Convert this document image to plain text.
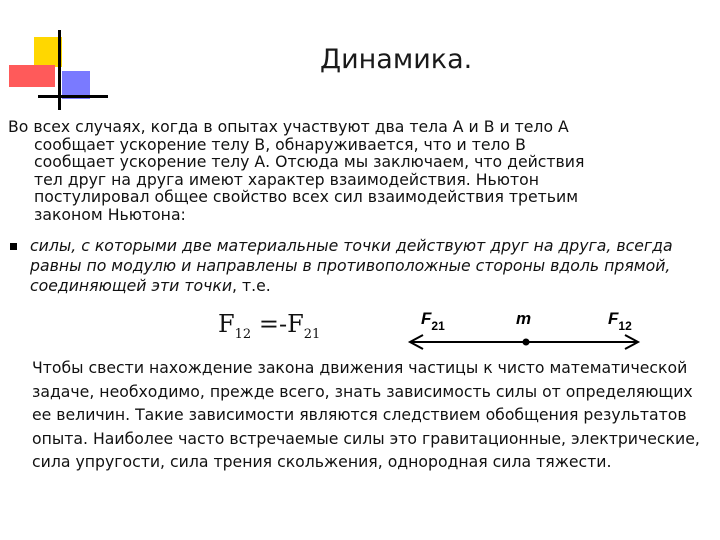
Динамика.
Во всех случаях, когда в опытах участвуют два тела А и В и тело А
сообщает ускорение телу В, обнаруживается, что и тело В
сообщает ускорение телу А. Отсюда мы заключаем, что действия
тел друг на друга имеют характер взаимодействия. Ньютон
постулировал общее свойство всех сил взаимодействия третьим
законом Ньютона:
силы, с которыми две материальные точки действуют друг на друга, всегда равны по модулю и направлены в противоположные стороны вдоль прямой, соединяющей эти точки, т.е.
$F_{12} =-F_{21}$
$F_{21}$	m	$F_{12}$

Чтобы свести нахождение закона движения частицы к чисто математической задаче, необходимо, прежде всего, знать зависимость силы от определяющих ее величин. Такие зависимости являются следствием обобщения результатов опыта. Наиболее часто встречаемые силы это гравитационные, электрические, сила упругости, сила трения скольжения, однородная сила тяжести.
